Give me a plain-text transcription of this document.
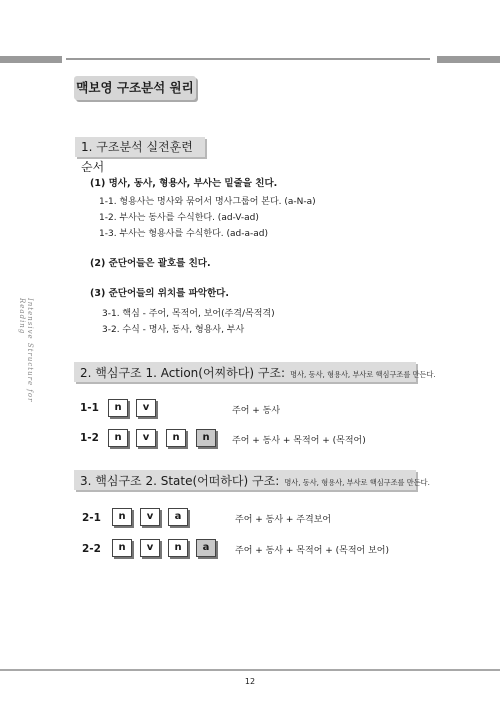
맥보영 구조분석 원리
1. 구조분석 실전훈련 순서
(1) 명사, 동사, 형용사, 부사는 밑줄을 친다.
1-1. 형용사는 명사와 묶어서 명사그룹어 본다. (a-N-a)
1-2. 부사는 동사를 수식한다. (ad-V-ad)
1-3. 부사는 형용사를 수식한다. (ad-a-ad)
(2) 준단어들은 괄호를 친다.
(3) 준단어들의 위치를 파악한다.
3-1. 핵심 - 주어, 목적어, 보어(주격/목적격)
3-2. 수식 - 명사, 동사, 형용사, 부사
Intensive Structure for Reading
2. 핵심구조 1. Action(어찌하다) 구조: 명사, 동사, 형용사, 부사로 핵심구조를 만든다.
1-1	n	v	주어 + 동사
1-2	n	v	n	n	주어 + 동사 + 목적어 + (목적어)
3. 핵심구조 2. State(어떠하다) 구조: 명사, 동사, 형용사, 부사로 핵심구조를 만든다.
2-1	n	v	a	주어 + 동사 + 주격보어
2-2	n	v	n	a	주어 + 동사 + 목적어 + (목적어 보어)
12
